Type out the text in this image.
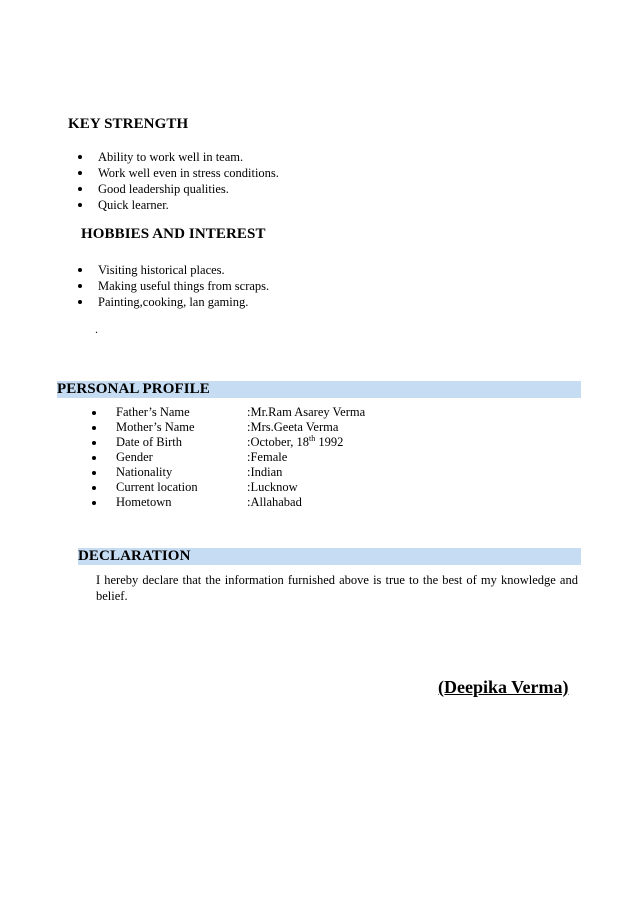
KEY STRENGTH
Ability to work well in team.
Work well even in stress conditions.
Good leadership qualities.
Quick learner.
HOBBIES AND INTEREST
Visiting historical places.
Making useful things from scraps.
Painting,cooking, lan gaming.
.
PERSONAL PROFILE
Father’s Name	:Mr.Ram Asarey Verma
Mother’s Name	:Mrs.Geeta Verma
Date of Birth	:October, 18th 1992
Gender	:Female
Nationality	:Indian
Current location	:Lucknow
Hometown	:Allahabad
DECLARATION
I hereby declare that the information furnished above is true to the best of my knowledge and belief.
(Deepika Verma)
